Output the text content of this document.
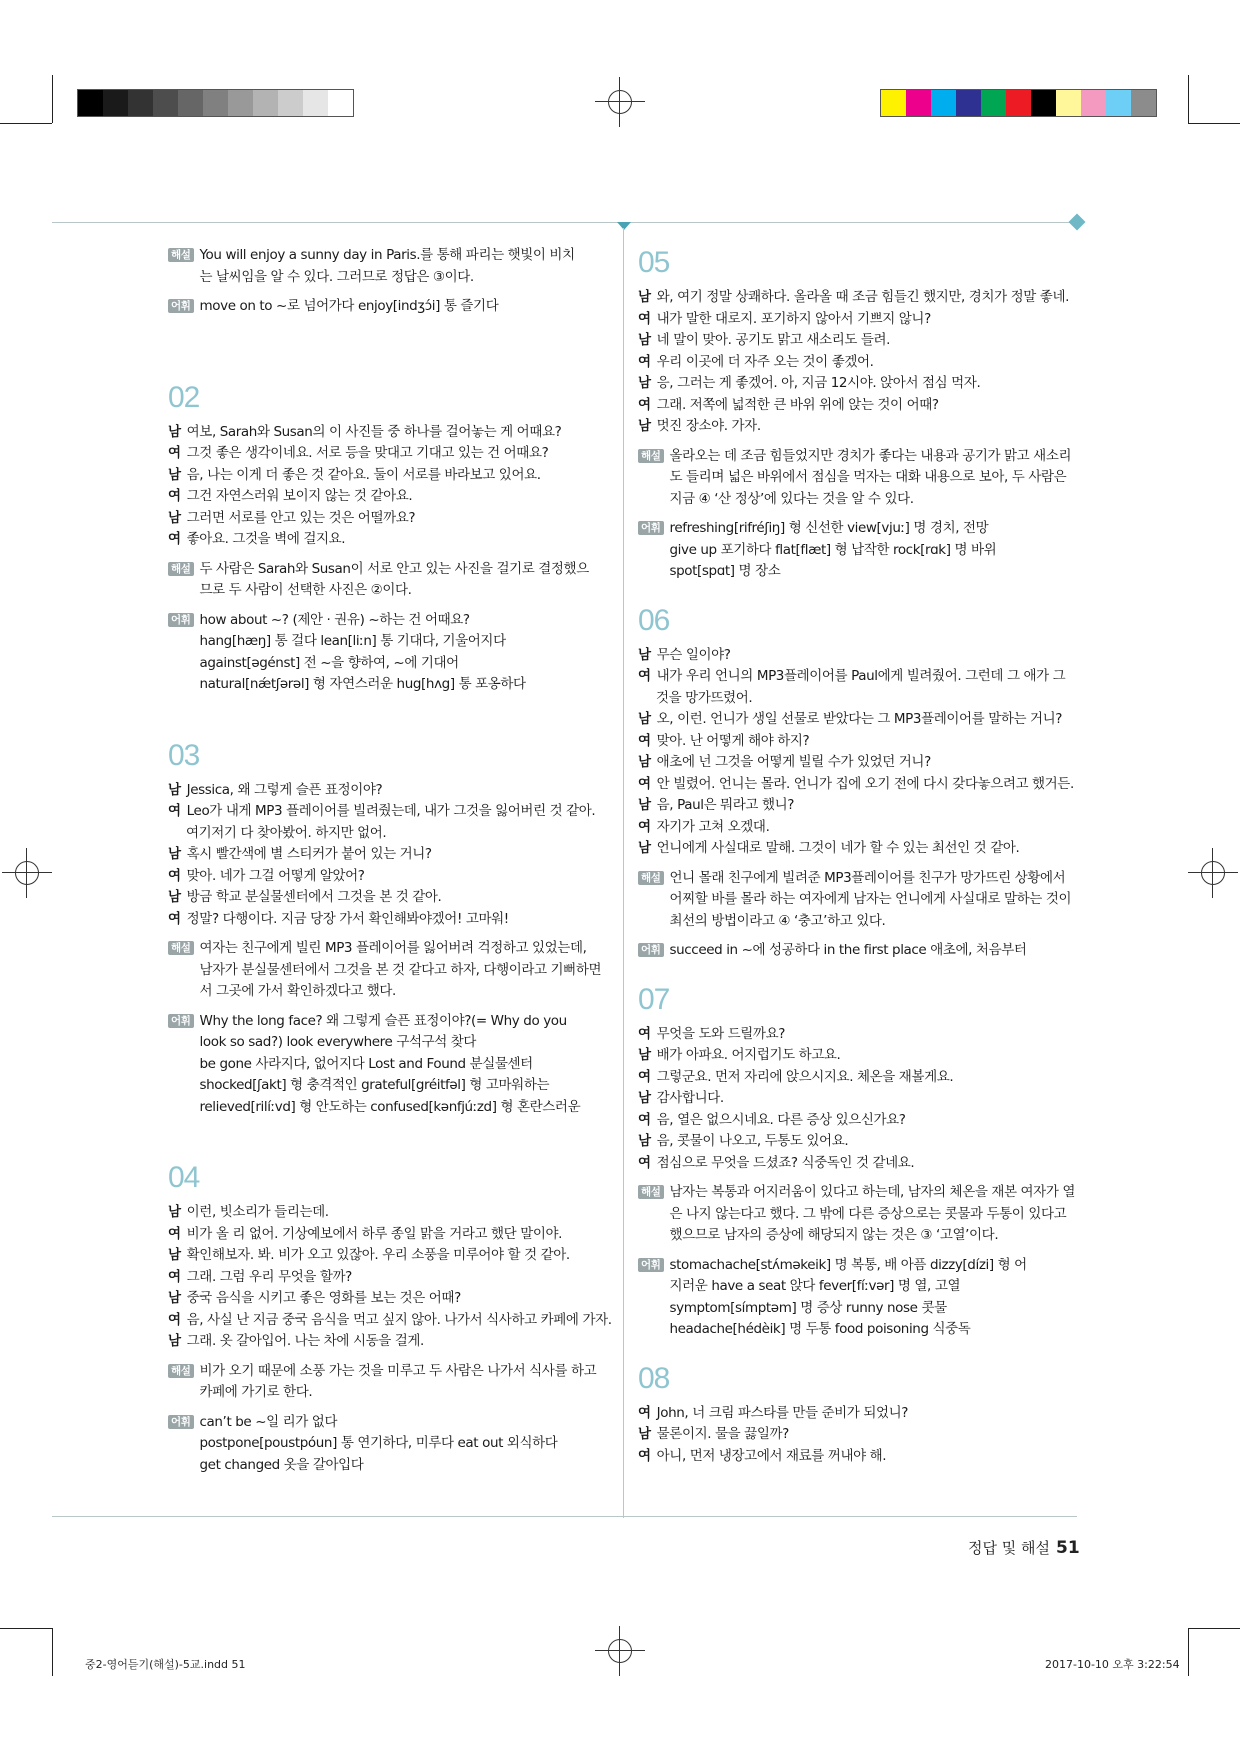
해설 You will enjoy a sunny day in Paris.를 통해 파리는 햇빛이 비치
는 날씨임을 알 수 있다. 그러므로 정답은 ③이다.
어휘 move on to ~로 넘어가다 enjoy[indʒɔ́i] 통 즐기다
02
남 여보, Sarah와 Susan의 이 사진들 중 하나를 걸어놓는 게 어때요?
여 그것 좋은 생각이네요. 서로 등을 맞대고 기대고 있는 건 어때요?
남 음, 나는 이게 더 좋은 것 같아요. 둘이 서로를 바라보고 있어요.
여 그건 자연스러워 보이지 않는 것 같아요.
남 그러면 서로를 안고 있는 것은 어떨까요?
여 좋아요. 그것을 벽에 걸지요.
해설 두 사람은 Sarah와 Susan이 서로 안고 있는 사진을 걸기로 결정했으
므로 두 사람이 선택한 사진은 ②이다.
어휘 how about ~? (제안 · 권유) ~하는 건 어때요?
hang[hæŋ] 통 걸다 lean[liːn] 통 기대다, 기울어지다
against[əgénst] 전 ~을 향하여, ~에 기대어
natural[nǽtʃərəl] 형 자연스러운 hug[hʌg] 통 포옹하다
03
남 Jessica, 왜 그렇게 슬픈 표정이야?
여 Leo가 내게 MP3 플레이어를 빌려줬는데, 내가 그것을 잃어버린 것 같아.
여기저기 다 찾아봤어. 하지만 없어.
남 혹시 빨간색에 별 스티커가 붙어 있는 거니?
여 맞아. 네가 그걸 어떻게 알았어?
남 방금 학교 분실물센터에서 그것을 본 것 같아.
여 정말? 다행이다. 지금 당장 가서 확인해봐야겠어! 고마워!
해설 여자는 친구에게 빌린 MP3 플레이어를 잃어버려 걱정하고 있었는데,
남자가 분실물센터에서 그것을 본 것 같다고 하자, 다행이라고 기뻐하면
서 그곳에 가서 확인하겠다고 했다.
어휘 Why the long face? 왜 그렇게 슬픈 표정이야?(= Why do you
look so sad?) look everywhere 구석구석 찾다
be gone 사라지다, 없어지다 Lost and Found 분실물센터
shocked[ʃakt] 형 충격적인 grateful[gréitfəl] 형 고마워하는
relieved[rilíːvd] 형 안도하는 confused[kənfjúːzd] 형 혼란스러운
04
남 이런, 빗소리가 들리는데.
여 비가 올 리 없어. 기상예보에서 하루 종일 맑을 거라고 했단 말이야.
남 확인해보자. 봐. 비가 오고 있잖아. 우리 소풍을 미루어야 할 것 같아.
여 그래. 그럼 우리 무엇을 할까?
남 중국 음식을 시키고 좋은 영화를 보는 것은 어때?
여 음, 사실 난 지금 중국 음식을 먹고 싶지 않아. 나가서 식사하고 카페에 가자.
남 그래. 옷 갈아입어. 나는 차에 시동을 걸게.
해설 비가 오기 때문에 소풍 가는 것을 미루고 두 사람은 나가서 식사를 하고
카페에 가기로 한다.
어휘 can’t be ~일 리가 없다
postpone[poustpóun] 통 연기하다, 미루다 eat out 외식하다
get changed 옷을 갈아입다
05
남 와, 여기 정말 상쾌하다. 올라올 때 조금 힘들긴 했지만, 경치가 정말 좋네.
여 내가 말한 대로지. 포기하지 않아서 기쁘지 않니?
남 네 말이 맞아. 공기도 맑고 새소리도 들려.
여 우리 이곳에 더 자주 오는 것이 좋겠어.
남 응, 그러는 게 좋겠어. 아, 지금 12시야. 앉아서 점심 먹자.
여 그래. 저쪽에 넓적한 큰 바위 위에 앉는 것이 어때?
남 멋진 장소야. 가자.
해설 올라오는 데 조금 힘들었지만 경치가 좋다는 내용과 공기가 맑고 새소리
도 들리며 넓은 바위에서 점심을 먹자는 대화 내용으로 보아, 두 사람은
지금 ④ ‘산 정상’에 있다는 것을 알 수 있다.
어휘 refreshing[rifréʃiŋ] 형 신선한 view[vjuː] 명 경치, 전망
give up 포기하다 flat[flæt] 형 납작한 rock[rɑk] 명 바위
spot[spɑt] 명 장소
06
남 무슨 일이야?
여 내가 우리 언니의 MP3플레이어를 Paul에게 빌려줬어. 그런데 그 애가 그
것을 망가뜨렸어.
남 오, 이런. 언니가 생일 선물로 받았다는 그 MP3플레이어를 말하는 거니?
여 맞아. 난 어떻게 해야 하지?
남 애초에 넌 그것을 어떻게 빌릴 수가 있었던 거니?
여 안 빌렸어. 언니는 몰라. 언니가 집에 오기 전에 다시 갖다놓으려고 했거든.
남 음, Paul은 뭐라고 했니?
여 자기가 고쳐 오겠대.
남 언니에게 사실대로 말해. 그것이 네가 할 수 있는 최선인 것 같아.
해설 언니 몰래 친구에게 빌려준 MP3플레이어를 친구가 망가뜨린 상황에서
어찌할 바를 몰라 하는 여자에게 남자는 언니에게 사실대로 말하는 것이
최선의 방법이라고 ④ ‘충고’하고 있다.
어휘 succeed in ~에 성공하다 in the first place 애초에, 처음부터
07
여 무엇을 도와 드릴까요?
남 배가 아파요. 어지럽기도 하고요.
여 그렇군요. 먼저 자리에 앉으시지요. 체온을 재볼게요.
남 감사합니다.
여 음, 열은 없으시네요. 다른 증상 있으신가요?
남 음, 콧물이 나오고, 두통도 있어요.
여 점심으로 무엇을 드셨죠? 식중독인 것 같네요.
해설 남자는 복통과 어지러움이 있다고 하는데, 남자의 체온을 재본 여자가 열
은 나지 않는다고 했다. 그 밖에 다른 증상으로는 콧물과 두통이 있다고
했으므로 남자의 증상에 해당되지 않는 것은 ③ ‘고열’이다.
어휘 stomachache[stʌ́məkeik] 명 복통, 배 아픔 dizzy[dízi] 형 어
지러운 have a seat 앉다 fever[fíːvər] 명 열, 고열
symptom[símptəm] 명 증상 runny nose 콧물
headache[hédèik] 명 두통 food poisoning 식중독
08
여 John, 너 크림 파스타를 만들 준비가 되었니?
남 물론이지. 물을 끓일까?
여 아니, 먼저 냉장고에서 재료를 꺼내야 해.
정답 및 해설 51
중2-영어듣기(해설)-5교.indd 51	2017-10-10 오후 3:22:54
